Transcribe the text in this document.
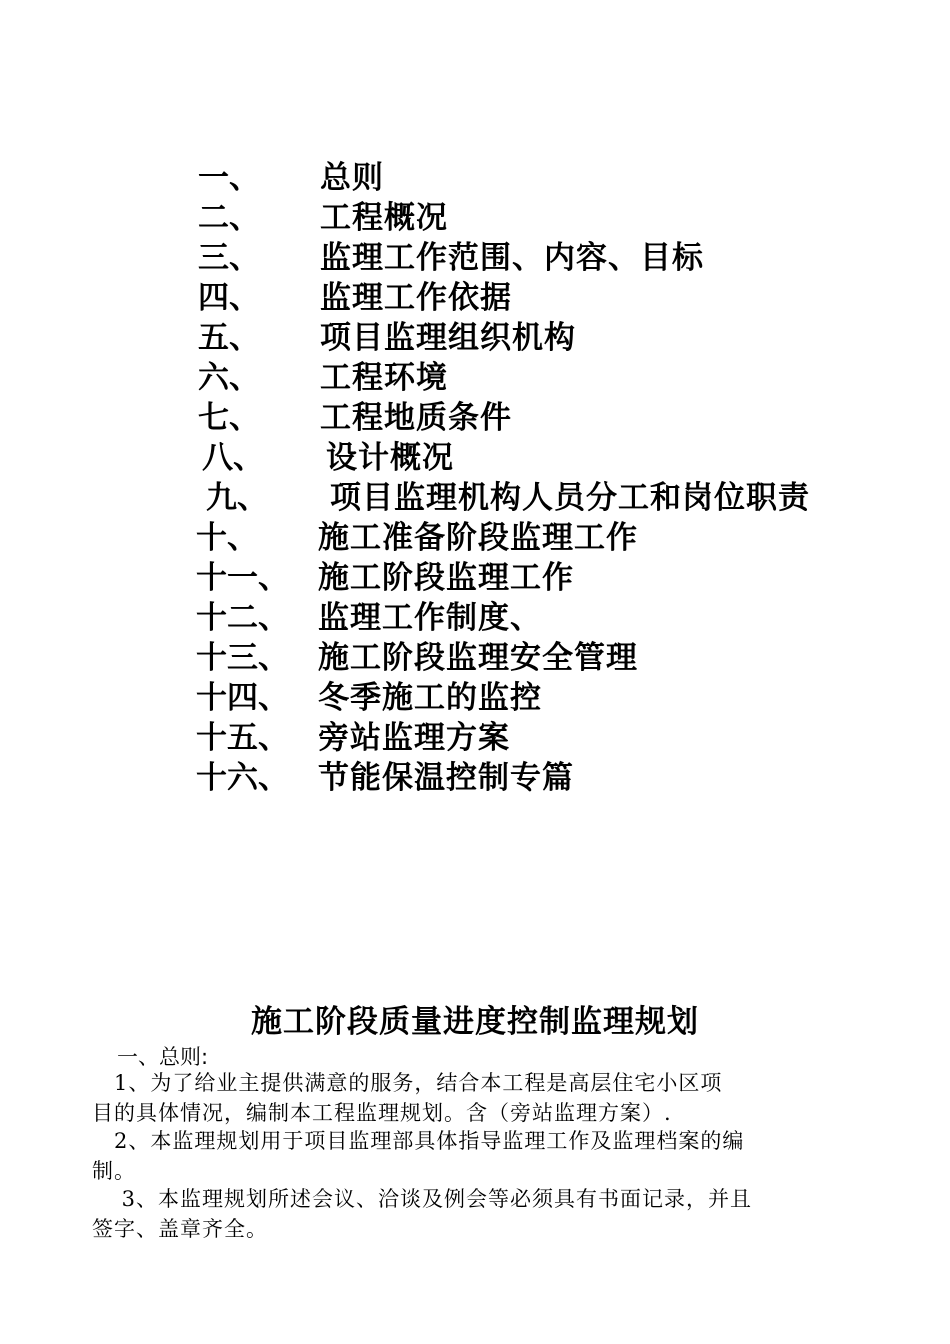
一、 总则
二、 工程概况
三、 监理工作范围、内容、目标
四、 监理工作依据
五、 项目监理组织机构
六、 工程环境
七、 工程地质条件
八、 设计概况
九、 项目监理机构人员分工和岗位职责
十、 施工准备阶段监理工作
十一、 施工阶段监理工作
十二、 监理工作制度、
十三、 施工阶段监理安全管理
十四、 冬季施工的监控
十五、 旁站监理方案
十六、 节能保温控制专篇
施工阶段质量进度控制监理规划
一、总则:
　1、为了给业主提供满意的服务，结合本工程是高层住宅小区项
目的具体情况，编制本工程监理规划。含（旁站监理方案）.
　2、本监理规划用于项目监理部具体指导监理工作及监理档案的编
制。
　 3、本监理规划所述会议、洽谈及例会等必须具有书面记录，并且
签字、盖章齐全。
